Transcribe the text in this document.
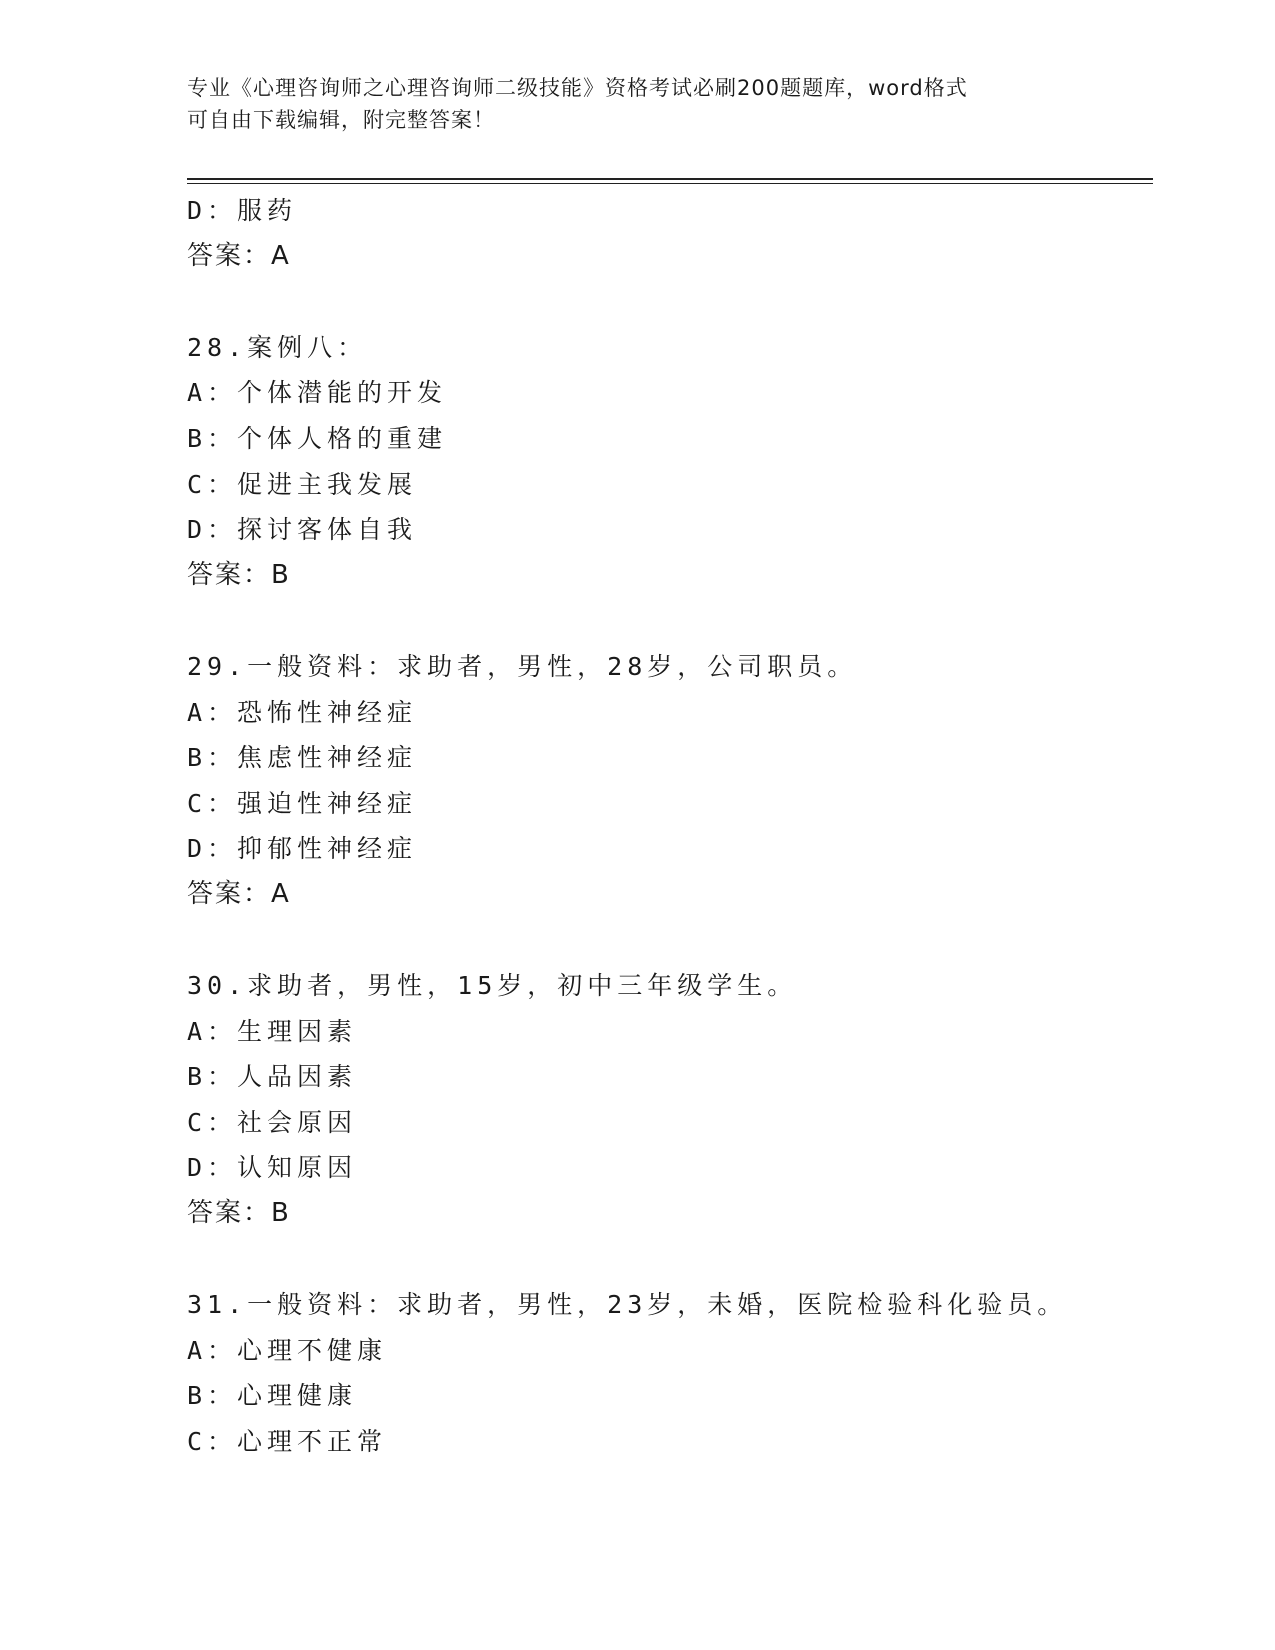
专业《心理咨询师之心理咨询师二级技能》资格考试必刷200题题库，word格式
可自由下载编辑，附完整答案！
D：服药
答案：A
28.案例八：
A：个体潜能的开发
B：个体人格的重建
C：促进主我发展
D：探讨客体自我
答案：B
29.一般资料：求助者，男性，28岁，公司职员。
A：恐怖性神经症
B：焦虑性神经症
C：强迫性神经症
D：抑郁性神经症
答案：A
30.求助者，男性，15岁，初中三年级学生。
A：生理因素
B：人品因素
C：社会原因
D：认知原因
答案：B
31.一般资料：求助者，男性，23岁，未婚，医院检验科化验员。
A：心理不健康
B：心理健康
C：心理不正常
